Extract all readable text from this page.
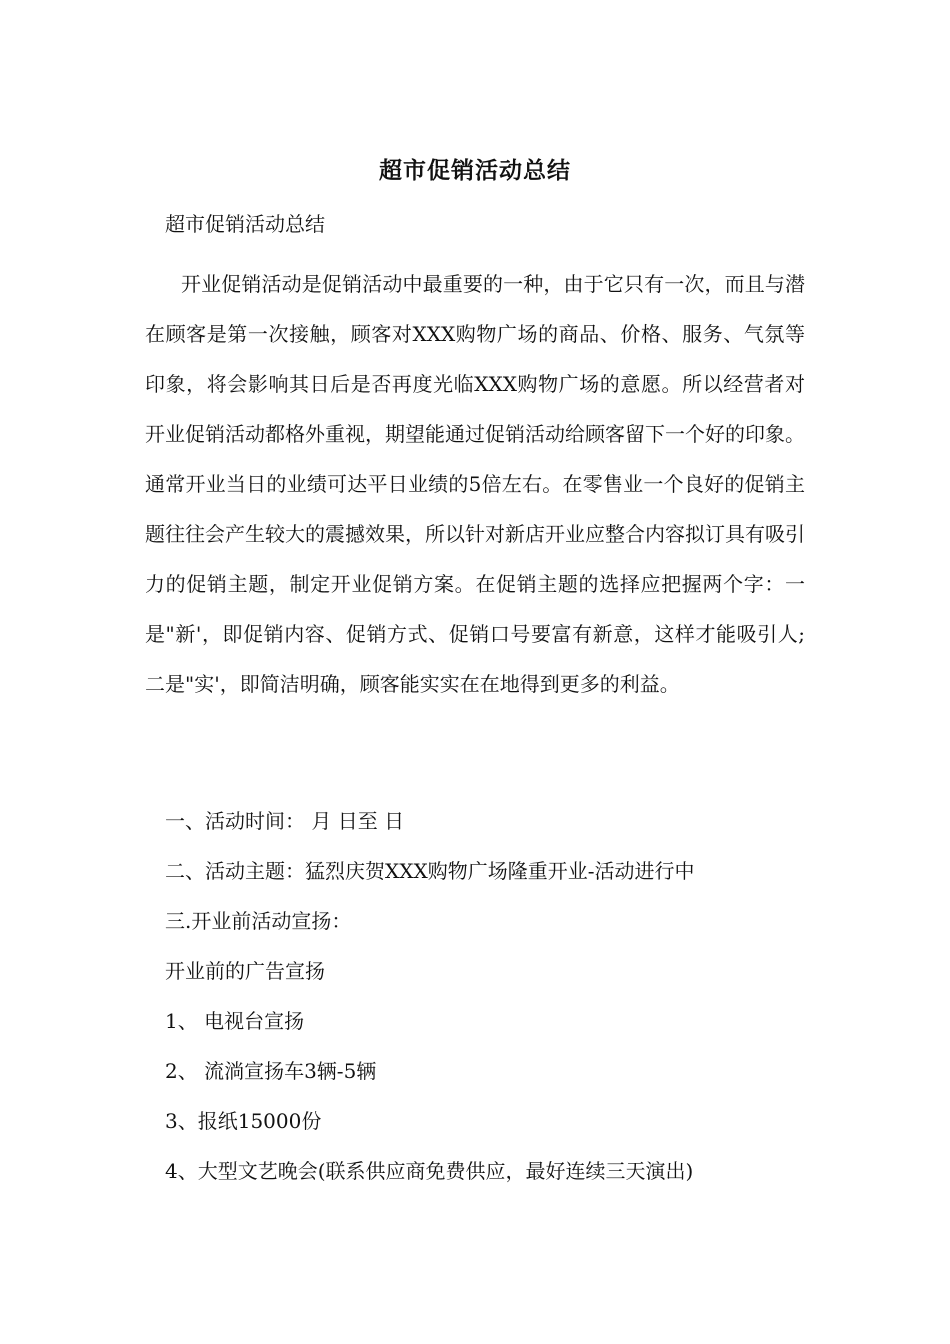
超市促销活动总结
超市促销活动总结
开业促销活动是促销活动中最重要的一种，由于它只有一次，而且与潜在顾客是第一次接触，顾客对XXX购物广场的商品、价格、服务、气氛等印象，将会影响其日后是否再度光临XXX购物广场的意愿。所以经营者对开业促销活动都格外重视，期望能通过促销活动给顾客留下一个好的印象。通常开业当日的业绩可达平日业绩的5倍左右。在零售业一个良好的促销主题往往会产生较大的震撼效果，所以针对新店开业应整合内容拟订具有吸引力的促销主题，制定开业促销方案。在促销主题的选择应把握两个字：一是"新'，即促销内容、促销方式、促销口号要富有新意，这样才能吸引人;二是"实'，即简洁明确，顾客能实实在在地得到更多的利益。
一、活动时间： 月 日至 日
二、活动主题：猛烈庆贺XXX购物广场隆重开业-活动进行中
三.开业前活动宣扬：
开业前的广告宣扬
1、 电视台宣扬
2、 流淌宣扬车3辆-5辆
3、报纸15000份
4、大型文艺晚会(联系供应商免费供应，最好连续三天演出)
